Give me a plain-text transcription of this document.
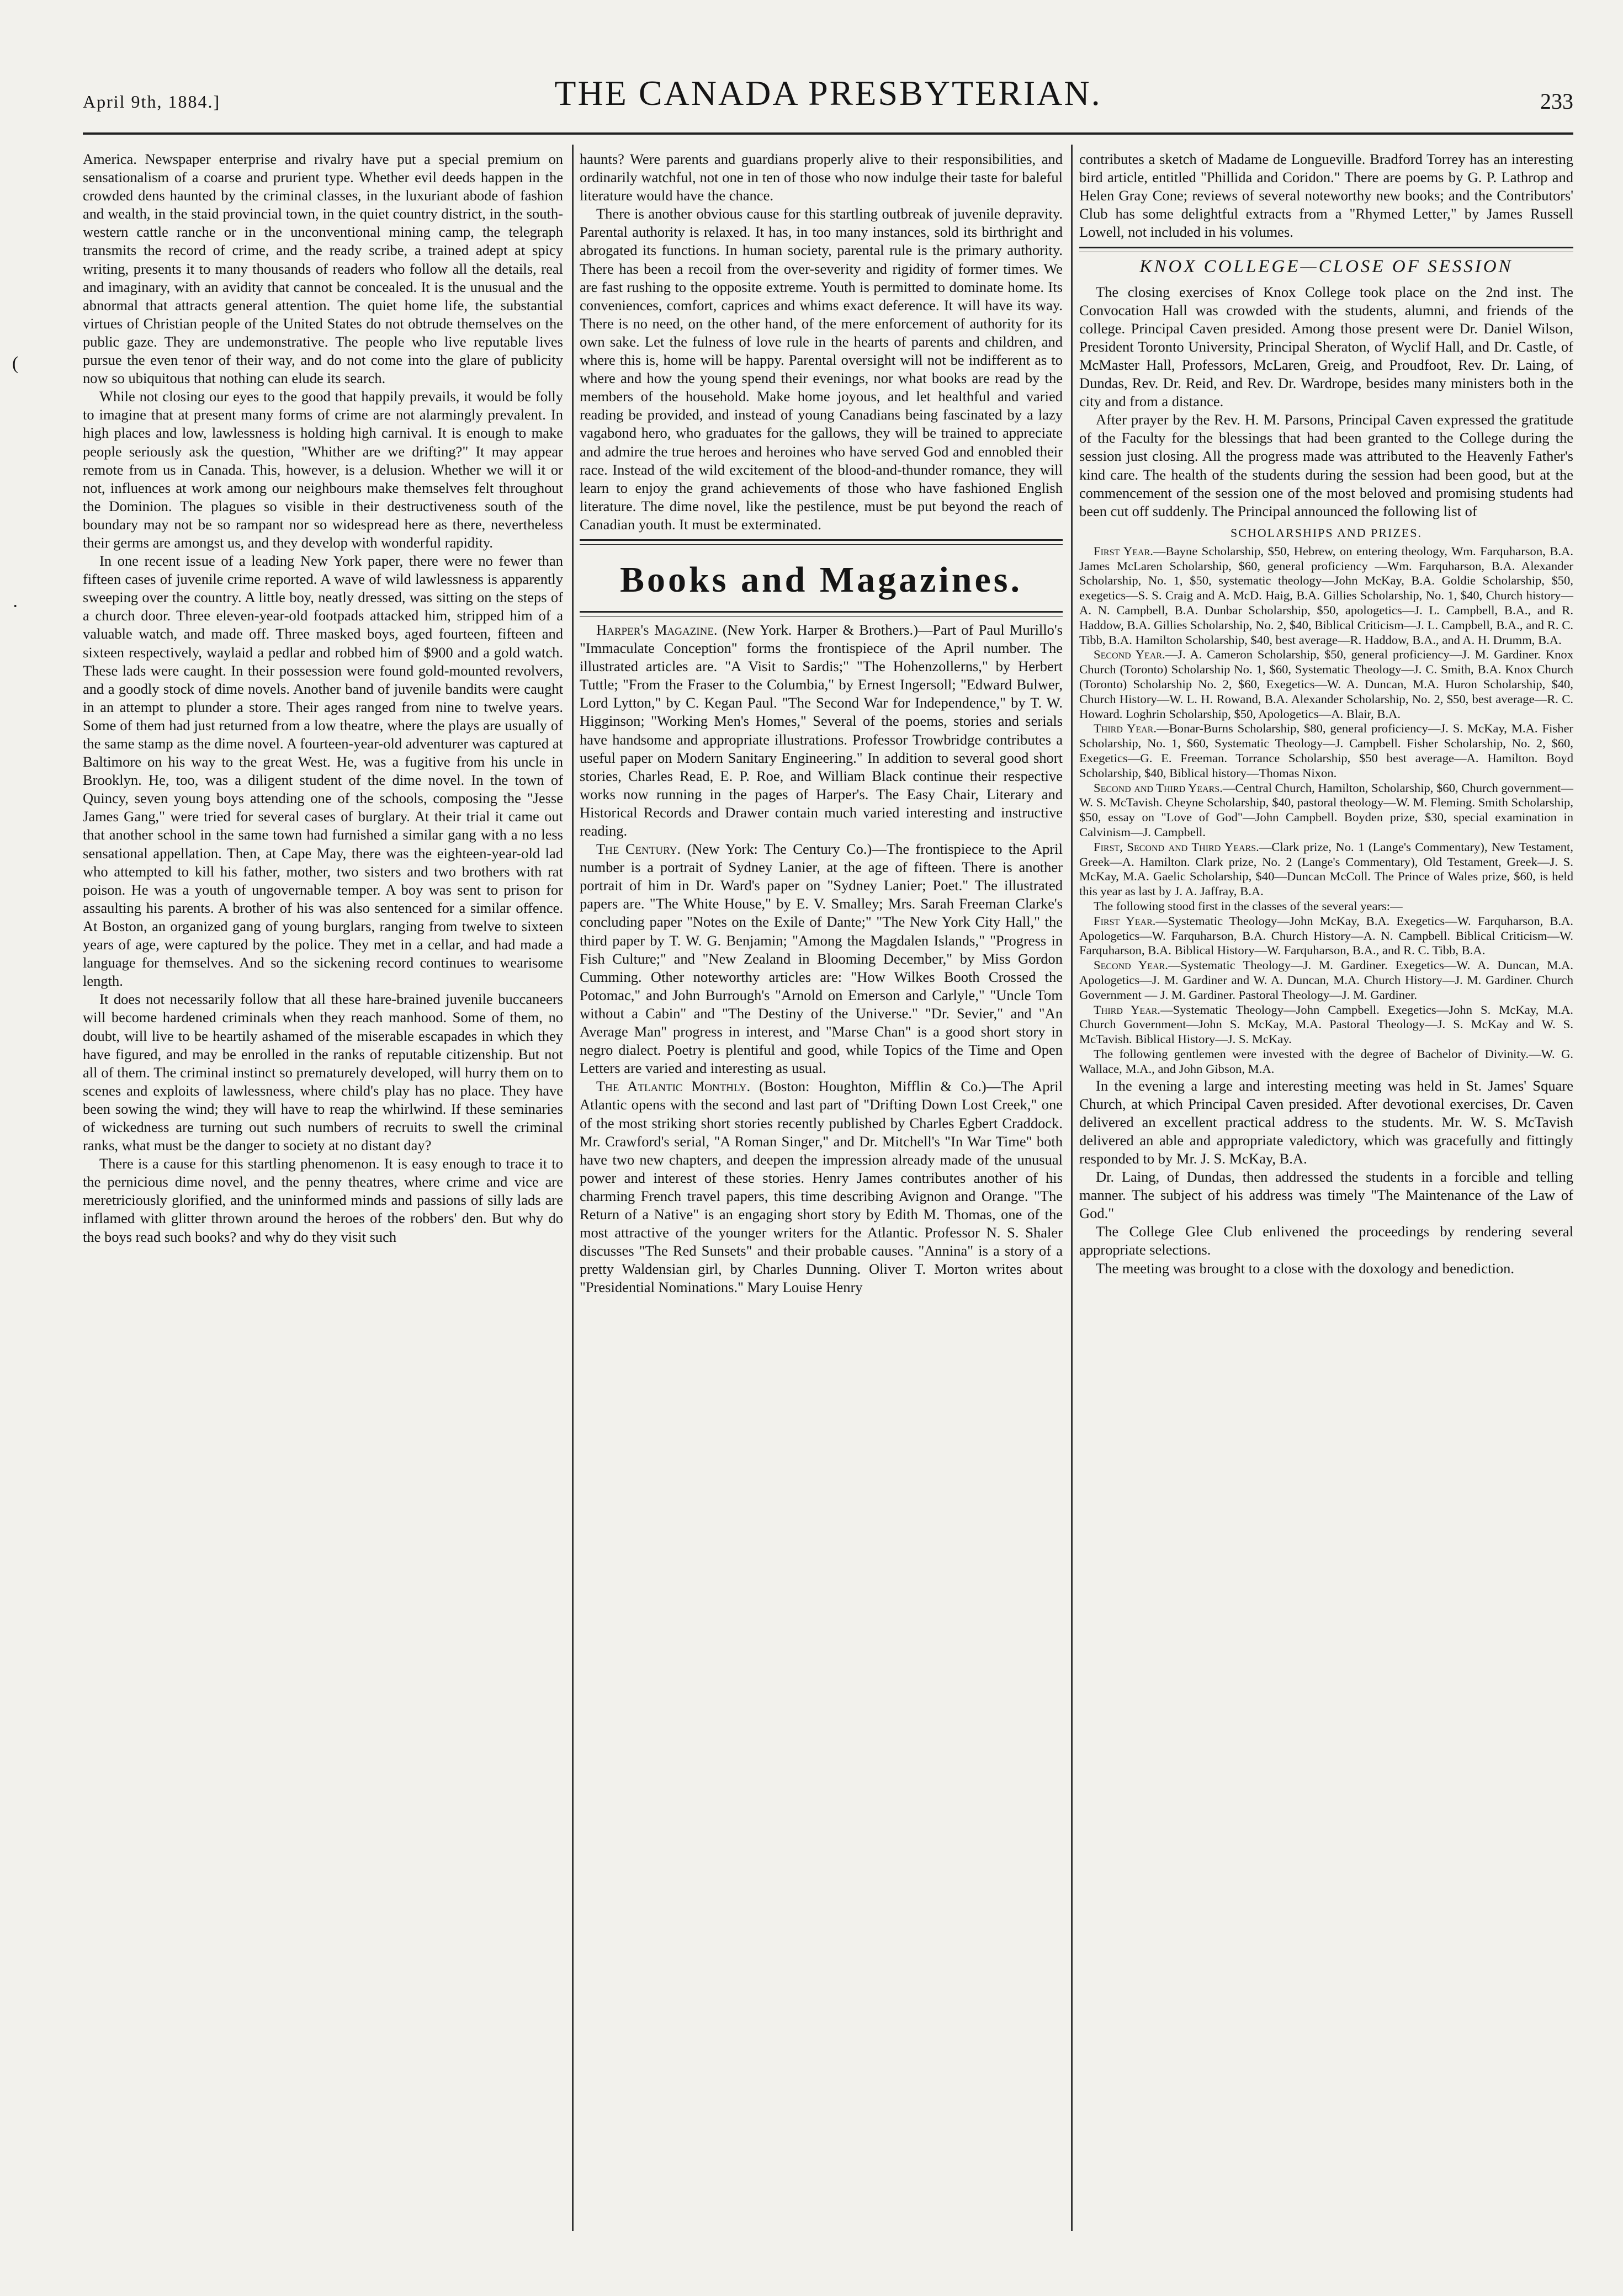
April 9th, 1884.]	THE CANADA PRESBYTERIAN.	233
(
·

America. Newspaper enterprise and rivalry have put a special premium on sensationalism of a coarse and prurient type. Whether evil deeds happen in the crowded dens haunted by the criminal classes, in the luxuriant abode of fashion and wealth, in the staid provincial town, in the quiet country district, in the south-western cattle ranche or in the unconventional mining camp, the telegraph transmits the record of crime, and the ready scribe, a trained adept at spicy writing, presents it to many thousands of readers who follow all the details, real and imaginary, with an avidity that cannot be concealed. It is the unusual and the abnormal that attracts general attention. The quiet home life, the substantial virtues of Christian people of the United States do not obtrude themselves on the public gaze. They are undemonstrative. The people who live reputable lives pursue the even tenor of their way, and do not come into the glare of publicity now so ubiquitous that nothing can elude its search.

While not closing our eyes to the good that happily prevails, it would be folly to imagine that at present many forms of crime are not alarmingly prevalent. In high places and low, lawlessness is holding high carnival. It is enough to make people seriously ask the question, "Whither are we drifting?" It may appear remote from us in Canada. This, however, is a delusion. Whether we will it or not, influences at work among our neighbours make themselves felt throughout the Dominion. The plagues so visible in their destructiveness south of the boundary may not be so rampant nor so widespread here as there, nevertheless their germs are amongst us, and they develop with wonderful rapidity.

In one recent issue of a leading New York paper, there were no fewer than fifteen cases of juvenile crime reported. A wave of wild lawlessness is apparently sweeping over the country. A little boy, neatly dressed, was sitting on the steps of a church door. Three eleven-year-old footpads attacked him, stripped him of a valuable watch, and made off. Three masked boys, aged fourteen, fifteen and sixteen respectively, waylaid a pedlar and robbed him of $900 and a gold watch. These lads were caught. In their possession were found gold-mounted revolvers, and a goodly stock of dime novels. Another band of juvenile bandits were caught in an attempt to plunder a store. Their ages ranged from nine to twelve years. Some of them had just returned from a low theatre, where the plays are usually of the same stamp as the dime novel. A fourteen-year-old adventurer was captured at Baltimore on his way to the great West. He, was a fugitive from his uncle in Brooklyn. He, too, was a diligent student of the dime novel. In the town of Quincy, seven young boys attending one of the schools, composing the "Jesse James Gang," were tried for several cases of burglary. At their trial it came out that another school in the same town had furnished a similar gang with a no less sensational appellation. Then, at Cape May, there was the eighteen-year-old lad who attempted to kill his father, mother, two sisters and two brothers with rat poison. He was a youth of ungovernable temper. A boy was sent to prison for assaulting his parents. A brother of his was also sentenced for a similar offence. At Boston, an organized gang of young burglars, ranging from twelve to sixteen years of age, were captured by the police. They met in a cellar, and had made a language for themselves. And so the sickening record continues to wearisome length.

It does not necessarily follow that all these hare-brained juvenile buccaneers will become hardened criminals when they reach manhood. Some of them, no doubt, will live to be heartily ashamed of the miserable escapades in which they have figured, and may be enrolled in the ranks of reputable citizenship. But not all of them. The criminal instinct so prematurely developed, will hurry them on to scenes and exploits of lawlessness, where child's play has no place. They have been sowing the wind; they will have to reap the whirlwind. If these seminaries of wickedness are turning out such numbers of recruits to swell the criminal ranks, what must be the danger to society at no distant day?

There is a cause for this startling phenomenon. It is easy enough to trace it to the pernicious dime novel, and the penny theatres, where crime and vice are meretriciously glorified, and the uninformed minds and passions of silly lads are inflamed with glitter thrown around the heroes of the robbers' den. But why do the boys read such books? and why do they visit such

haunts? Were parents and guardians properly alive to their responsibilities, and ordinarily watchful, not one in ten of those who now indulge their taste for baleful literature would have the chance.

There is another obvious cause for this startling outbreak of juvenile depravity. Parental authority is relaxed. It has, in too many instances, sold its birthright and abrogated its functions. In human society, parental rule is the primary authority. There has been a recoil from the over-severity and rigidity of former times. We are fast rushing to the opposite extreme. Youth is permitted to dominate home. Its conveniences, comfort, caprices and whims exact deference. It will have its way. There is no need, on the other hand, of the mere enforcement of authority for its own sake. Let the fulness of love rule in the hearts of parents and children, and where this is, home will be happy. Parental oversight will not be indifferent as to where and how the young spend their evenings, nor what books are read by the members of the household. Make home joyous, and let healthful and varied reading be provided, and instead of young Canadians being fascinated by a lazy vagabond hero, who graduates for the gallows, they will be trained to appreciate and admire the true heroes and heroines who have served God and ennobled their race. Instead of the wild excitement of the blood-and-thunder romance, they will learn to enjoy the grand achievements of those who have fashioned English literature. The dime novel, like the pestilence, must be put beyond the reach of Canadian youth. It must be exterminated.

Books and Magazines.

Harper's Magazine. (New York. Harper & Brothers.)—Part of Paul Murillo's "Immaculate Conception" forms the frontispiece of the April number. The illustrated articles are. "A Visit to Sardis;" "The Hohenzollerns," by Herbert Tuttle; "From the Fraser to the Columbia," by Ernest Ingersoll; "Edward Bulwer, Lord Lytton," by C. Kegan Paul. "The Second War for Independence," by T. W. Higginson; "Working Men's Homes," Several of the poems, stories and serials have handsome and appropriate illustrations. Professor Trowbridge contributes a useful paper on Modern Sanitary Engineering." In addition to several good short stories, Charles Read, E. P. Roe, and William Black continue their respective works now running in the pages of Harper's. The Easy Chair, Literary and Historical Records and Drawer contain much varied interesting and instructive reading.

The Century. (New York: The Century Co.)—The frontispiece to the April number is a portrait of Sydney Lanier, at the age of fifteen. There is another portrait of him in Dr. Ward's paper on "Sydney Lanier; Poet." The illustrated papers are. "The White House," by E. V. Smalley; Mrs. Sarah Freeman Clarke's concluding paper "Notes on the Exile of Dante;" "The New York City Hall," the third paper by T. W. G. Benjamin; "Among the Magdalen Islands," "Progress in Fish Culture;" and "New Zealand in Blooming December," by Miss Gordon Cumming. Other noteworthy articles are: "How Wilkes Booth Crossed the Potomac," and John Burrough's "Arnold on Emerson and Carlyle," "Uncle Tom without a Cabin" and "The Destiny of the Universe." "Dr. Sevier," and "An Average Man" progress in interest, and "Marse Chan" is a good short story in negro dialect. Poetry is plentiful and good, while Topics of the Time and Open Letters are varied and interesting as usual.

The Atlantic Monthly. (Boston: Houghton, Mifflin & Co.)—The April Atlantic opens with the second and last part of "Drifting Down Lost Creek," one of the most striking short stories recently published by Charles Egbert Craddock. Mr. Crawford's serial, "A Roman Singer," and Dr. Mitchell's "In War Time" both have two new chapters, and deepen the impression already made of the unusual power and interest of these stories. Henry James contributes another of his charming French travel papers, this time describing Avignon and Orange. "The Return of a Native" is an engaging short story by Edith M. Thomas, one of the most attractive of the younger writers for the Atlantic. Professor N. S. Shaler discusses "The Red Sunsets" and their probable causes. "Annina" is a story of a pretty Waldensian girl, by Charles Dunning. Oliver T. Morton writes about "Presidential Nominations." Mary Louise Henry

contributes a sketch of Madame de Longueville. Bradford Torrey has an interesting bird article, entitled "Phillida and Coridon." There are poems by G. P. Lathrop and Helen Gray Cone; reviews of several noteworthy new books; and the Contributors' Club has some delightful extracts from a "Rhymed Letter," by James Russell Lowell, not included in his volumes.

KNOX COLLEGE—CLOSE OF SESSION

The closing exercises of Knox College took place on the 2nd inst. The Convocation Hall was crowded with the students, alumni, and friends of the college. Principal Caven presided. Among those present were Dr. Daniel Wilson, President Toronto University, Principal Sheraton, of Wyclif Hall, and Dr. Castle, of McMaster Hall, Professors, McLaren, Greig, and Proudfoot, Rev. Dr. Laing, of Dundas, Rev. Dr. Reid, and Rev. Dr. Wardrope, besides many ministers both in the city and from a distance.

After prayer by the Rev. H. M. Parsons, Principal Caven expressed the gratitude of the Faculty for the blessings that had been granted to the College during the session just closing. All the progress made was attributed to the Heavenly Father's kind care. The health of the students during the session had been good, but at the commencement of the session one of the most beloved and promising students had been cut off suddenly. The Principal announced the following list of

SCHOLARSHIPS AND PRIZES.

First Year.—Bayne Scholarship, $50, Hebrew, on entering theology, Wm. Farquharson, B.A. James McLaren Scholarship, $60, general proficiency —Wm. Farquharson, B.A. Alexander Scholarship, No. 1, $50, systematic theology—John McKay, B.A. Goldie Scholarship, $50, exegetics—S. S. Craig and A. McD. Haig, B.A. Gillies Scholarship, No. 1, $40, Church history—A. N. Campbell, B.A. Dunbar Scholarship, $50, apologetics—J. L. Campbell, B.A., and R. Haddow, B.A. Gillies Scholarship, No. 2, $40, Biblical Criticism—J. L. Campbell, B.A., and R. C. Tibb, B.A. Hamilton Scholarship, $40, best average—R. Haddow, B.A., and A. H. Drumm, B.A.

Second Year.—J. A. Cameron Scholarship, $50, general proficiency—J. M. Gardiner. Knox Church (Toronto) Scholarship No. 1, $60, Systematic Theology—J. C. Smith, B.A. Knox Church (Toronto) Scholarship No. 2, $60, Exegetics—W. A. Duncan, M.A. Huron Scholarship, $40, Church History—W. L. H. Rowand, B.A. Alexander Scholarship, No. 2, $50, best average—R. C. Howard. Loghrin Scholarship, $50, Apologetics—A. Blair, B.A.

Third Year.—Bonar-Burns Scholarship, $80, general proficiency—J. S. McKay, M.A. Fisher Scholarship, No. 1, $60, Systematic Theology—J. Campbell. Fisher Scholarship, No. 2, $60, Exegetics—G. E. Freeman. Torrance Scholarship, $50 best average—A. Hamilton. Boyd Scholarship, $40, Biblical history—Thomas Nixon.

Second and Third Years.—Central Church, Hamilton, Scholarship, $60, Church government—W. S. McTavish. Cheyne Scholarship, $40, pastoral theology—W. M. Fleming. Smith Scholarship, $50, essay on "Love of God"—John Campbell. Boyden prize, $30, special examination in Calvinism—J. Campbell.

First, Second and Third Years.—Clark prize, No. 1 (Lange's Commentary), New Testament, Greek—A. Hamilton. Clark prize, No. 2 (Lange's Commentary), Old Testament, Greek—J. S. McKay, M.A. Gaelic Scholarship, $40—Duncan McColl. The Prince of Wales prize, $60, is held this year as last by J. A. Jaffray, B.A.

The following stood first in the classes of the several years:—

First Year.—Systematic Theology—John McKay, B.A. Exegetics—W. Farquharson, B.A. Apologetics—W. Farquharson, B.A. Church History—A. N. Campbell. Biblical Criticism—W. Farquharson, B.A. Biblical History—W. Farquharson, B.A., and R. C. Tibb, B.A.

Second Year.—Systematic Theology—J. M. Gardiner. Exegetics—W. A. Duncan, M.A. Apologetics—J. M. Gardiner and W. A. Duncan, M.A. Church History—J. M. Gardiner. Church Government — J. M. Gardiner. Pastoral Theology—J. M. Gardiner.

Third Year.—Systematic Theology—John Campbell. Exegetics—John S. McKay, M.A. Church Government—John S. McKay, M.A. Pastoral Theology—J. S. McKay and W. S. McTavish. Biblical History—J. S. McKay.

The following gentlemen were invested with the degree of Bachelor of Divinity.—W. G. Wallace, M.A., and John Gibson, M.A.

In the evening a large and interesting meeting was held in St. James' Square Church, at which Principal Caven presided. After devotional exercises, Dr. Caven delivered an excellent practical address to the students. Mr. W. S. McTavish delivered an able and appropriate valedictory, which was gracefully and fittingly responded to by Mr. J. S. McKay, B.A.

Dr. Laing, of Dundas, then addressed the students in a forcible and telling manner. The subject of his address was timely "The Maintenance of the Law of God."

The College Glee Club enlivened the proceedings by rendering several appropriate selections.

The meeting was brought to a close with the doxology and benediction.
